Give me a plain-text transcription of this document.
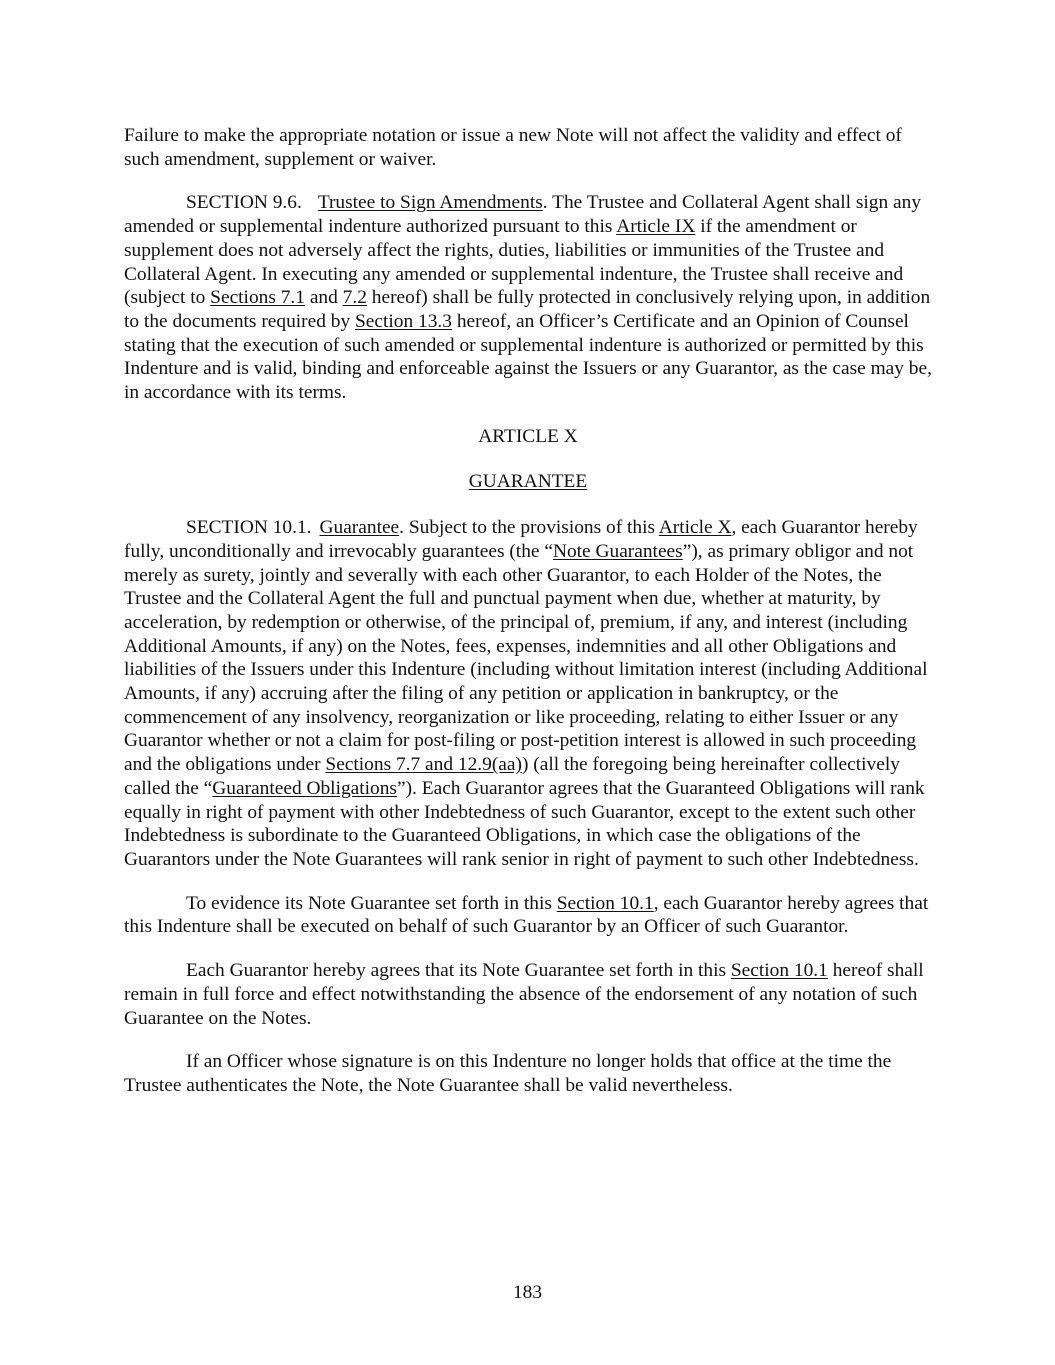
Failure to make the appropriate notation or issue a new Note will not affect the validity and effect of such amendment, supplement or waiver.

SECTION 9.6. Trustee to Sign Amendments. The Trustee and Collateral Agent shall sign any amended or supplemental indenture authorized pursuant to this Article IX if the amendment or supplement does not adversely affect the rights, duties, liabilities or immunities of the Trustee and Collateral Agent. In executing any amended or supplemental indenture, the Trustee shall receive and (subject to Sections 7.1 and 7.2 hereof) shall be fully protected in conclusively relying upon, in addition to the documents required by Section 13.3 hereof, an Officer’s Certificate and an Opinion of Counsel stating that the execution of such amended or supplemental indenture is authorized or permitted by this Indenture and is valid, binding and enforceable against the Issuers or any Guarantor, as the case may be, in accordance with its terms.

ARTICLE X

GUARANTEE

SECTION 10.1. Guarantee. Subject to the provisions of this Article X, each Guarantor hereby fully, unconditionally and irrevocably guarantees (the “Note Guarantees”), as primary obligor and not merely as surety, jointly and severally with each other Guarantor, to each Holder of the Notes, the Trustee and the Collateral Agent the full and punctual payment when due, whether at maturity, by acceleration, by redemption or otherwise, of the principal of, premium, if any, and interest (including Additional Amounts, if any) on the Notes, fees, expenses, indemnities and all other Obligations and liabilities of the Issuers under this Indenture (including without limitation interest (including Additional Amounts, if any) accruing after the filing of any petition or application in bankruptcy, or the commencement of any insolvency, reorganization or like proceeding, relating to either Issuer or any Guarantor whether or not a claim for post-filing or post-petition interest is allowed in such proceeding and the obligations under Sections 7.7 and 12.9(aa)) (all the foregoing being hereinafter collectively called the “Guaranteed Obligations”). Each Guarantor agrees that the Guaranteed Obligations will rank equally in right of payment with other Indebtedness of such Guarantor, except to the extent such other Indebtedness is subordinate to the Guaranteed Obligations, in which case the obligations of the Guarantors under the Note Guarantees will rank senior in right of payment to such other Indebtedness.

To evidence its Note Guarantee set forth in this Section 10.1, each Guarantor hereby agrees that this Indenture shall be executed on behalf of such Guarantor by an Officer of such Guarantor.

Each Guarantor hereby agrees that its Note Guarantee set forth in this Section 10.1 hereof shall remain in full force and effect notwithstanding the absence of the endorsement of any notation of such Guarantee on the Notes.

If an Officer whose signature is on this Indenture no longer holds that office at the time the Trustee authenticates the Note, the Note Guarantee shall be valid nevertheless.

183
